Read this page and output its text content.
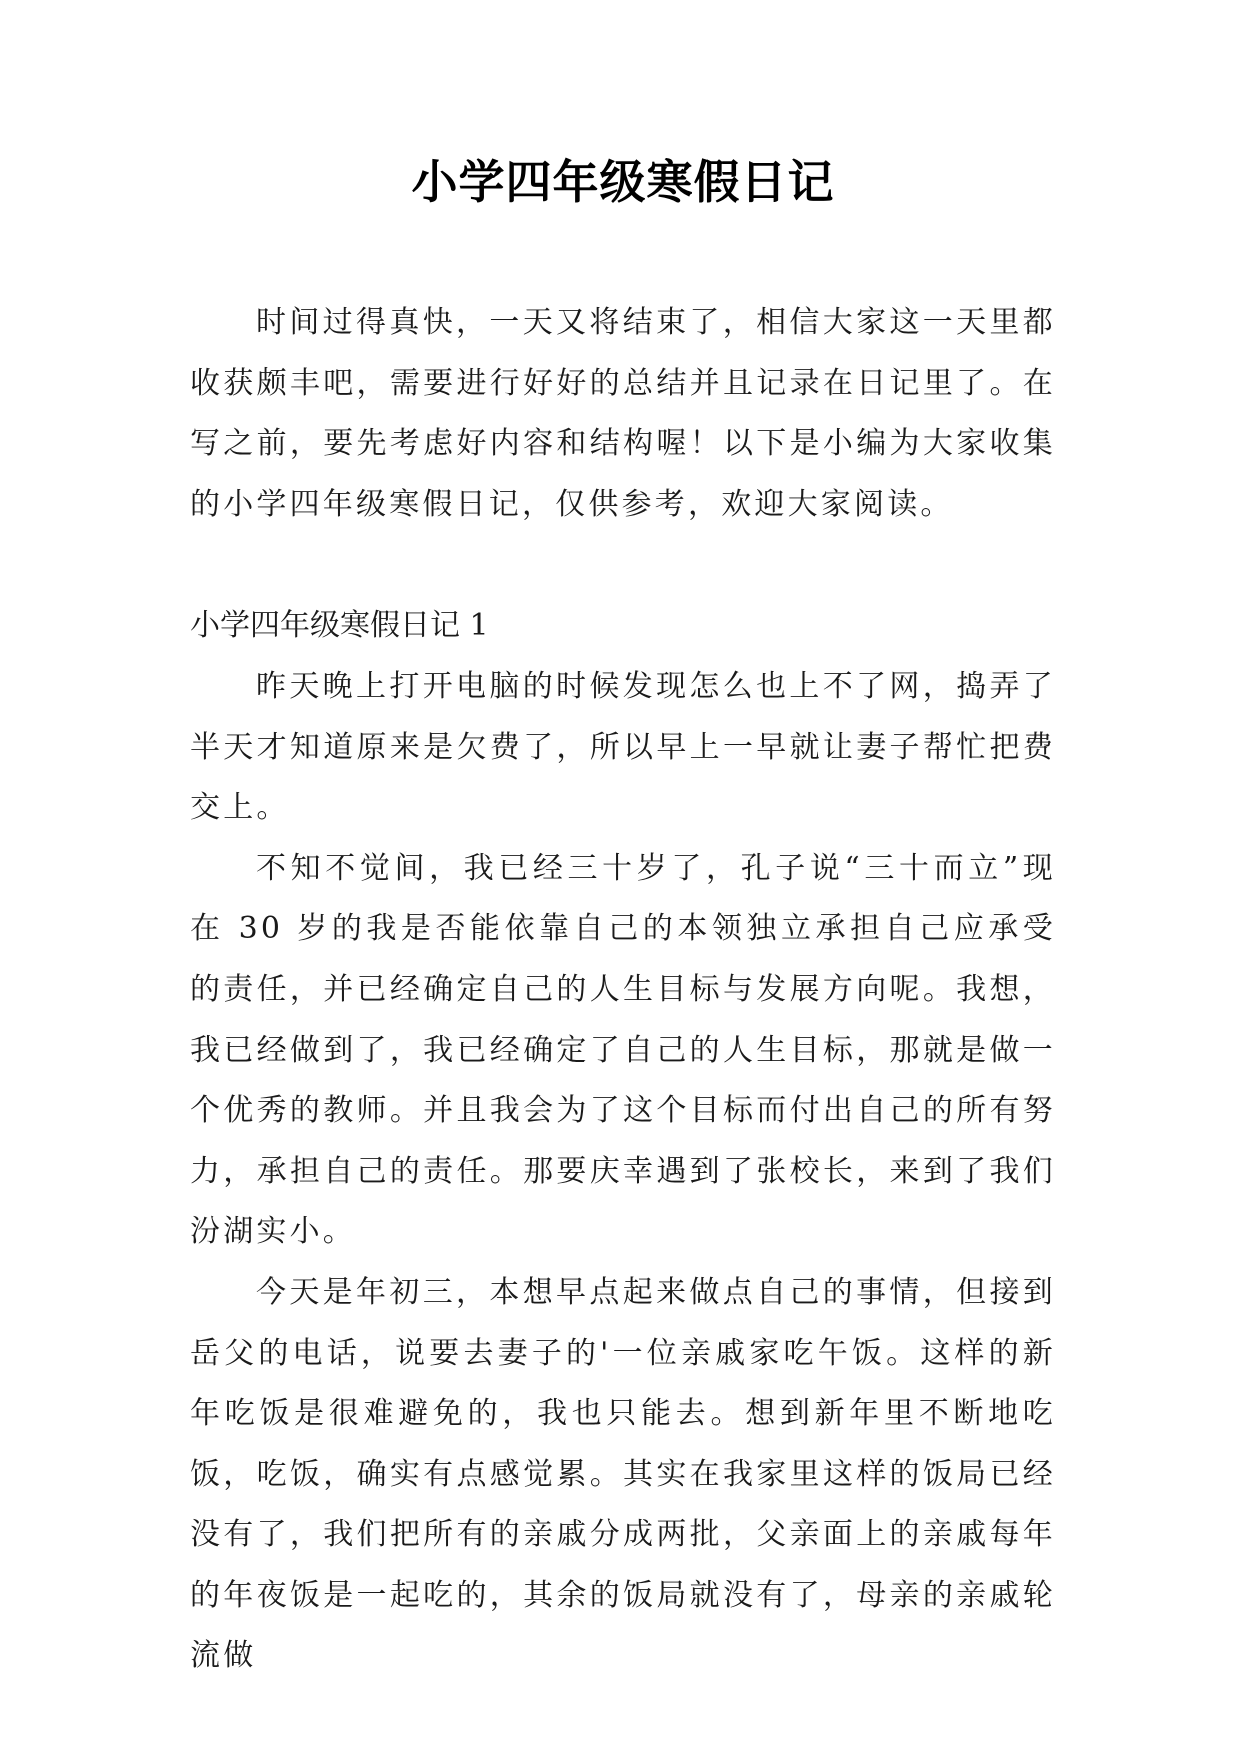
小学四年级寒假日记

时间过得真快，一天又将结束了，相信大家这一天里都收获颇丰吧，需要进行好好的总结并且记录在日记里了。在写之前，要先考虑好内容和结构喔！以下是小编为大家收集的小学四年级寒假日记，仅供参考，欢迎大家阅读。

小学四年级寒假日记 1

昨天晚上打开电脑的时候发现怎么也上不了网，捣弄了半天才知道原来是欠费了，所以早上一早就让妻子帮忙把费交上。

不知不觉间，我已经三十岁了，孔子说“三十而立”现在 30 岁的我是否能依靠自己的本领独立承担自己应承受的责任，并已经确定自己的人生目标与发展方向呢。我想，我已经做到了，我已经确定了自己的人生目标，那就是做一个优秀的教师。并且我会为了这个目标而付出自己的所有努力，承担自己的责任。那要庆幸遇到了张校长，来到了我们汾湖实小。

今天是年初三，本想早点起来做点自己的事情，但接到岳父的电话，说要去妻子的'一位亲戚家吃午饭。这样的新年吃饭是很难避免的，我也只能去。想到新年里不断地吃饭，吃饭，确实有点感觉累。其实在我家里这样的饭局已经没有了，我们把所有的亲戚分成两批，父亲面上的亲戚每年的年夜饭是一起吃的，其余的饭局就没有了，母亲的亲戚轮流做
